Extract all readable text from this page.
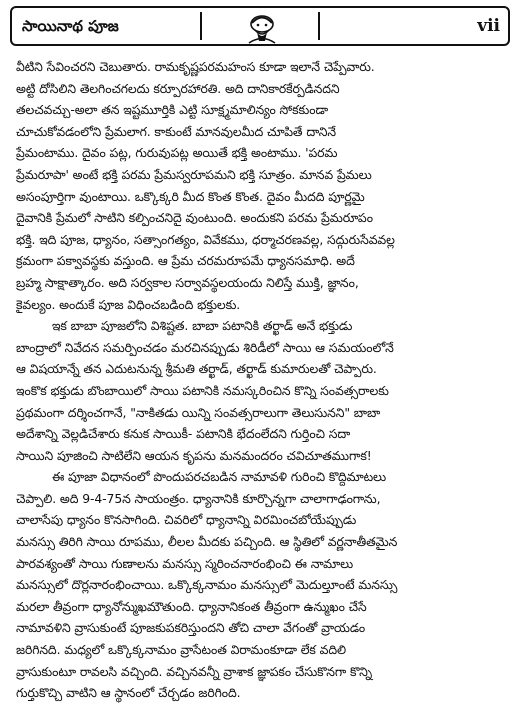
సాయినాథ పూజ	vii
వీటిని సేవించరని చెబుతారు. రామకృష్ణపరమహంస కూడా ఇలానే చెప్పేవారు.
అట్టి దోసిలిని తెలగించగలదు కర్పూరహారతి. అది దానికారకేర్పడినదని
తలచవచ్చు-అలా తన ఇష్టమూర్తికి ఎట్టి సూక్ష్మమాలిన్యం సోకకుండా
చూచుకోవడంలోని ప్రేమలాగ. కాకుంటే మానవులమీద చూపితే దానినే
ప్రేమంటాము. దైవం పట్ల, గురువుపట్ల అయితే భక్తి అంటాము. 'పరమ
ప్రేమరూపా' అంటే భక్తి పరమ ప్రేమస్వరూపమని భక్తి సూత్రం. మానవ ప్రేమలు
అసంపూర్తిగా వుంటాయి. ఒక్కొక్కరి మీద కొంత కొంత. దైవం మీదది పూర్ణమై
దైవానికి ప్రేమలో సాటిని కల్పించనిదై వుంటుంది. అందుకని పరమ ప్రేమరూపం
భక్తి. ఇది పూజ, ధ్యానం, సత్సాంగత్యం, వివేకము, ధర్మాచరణవల్ల, సద్గురుసేవవల్ల
క్రమంగా పక్వావస్థకు వస్తుంది. ఆ ప్రేమ చరమరూపమే ధ్యానసమాధి. అదే
బ్రహ్మ సాక్షాత్కారం. అది సర్వకాల సర్వావస్థలయందు నిలిస్తే ముక్తి, జ్ఞానం,
కైవల్యం. అందుకే పూజ విధించబడింది భక్తులకు.
ఇక బాబా పూజలోని విశిష్టత. బాబా పటానికి తర్ఖాడ్ అనే భక్తుడు
బాంద్రాలో నివేదన సమర్పించడం మరచినప్పుడు శిరిడీలో సాయి ఆ సమయంలోనే
ఆ విషయాన్నే తన ఎదుటనున్న శ్రీమతి తర్ఖాడ్, తర్ఖాడ్ కుమారులతో చెప్పారు.
ఇంకొక భక్తుడు బొంబాయిలో సాయి పటానికి నమస్కరించిన కొన్ని సంవత్సరాలకు
ప్రథమంగా దర్శించగానే, "నాకితడు యిన్ని సంవత్సరాలుగా తెలుసునని" బాబా
అదేశాన్ని వెల్లడిచేశారు కనుక సాయికీ- పటానికి భేదంలేదని గుర్తించి సదా
సాయిని పూజించి సాటిలేని ఆయన కృపను మనమందరం చవిచూతముగాక!
ఈ పూజా విధానంలో పొందుపరచబడిన నామావళి గురించి కొద్దిమాటలు
చెప్పాలి. అది 9-4-75న సాయంత్రం. ధ్యానానికి కూర్చొన్నగా చాలాగాఢంగాను,
చాలాసేపు ధ్యానం కొనసాగింది. చివరిలో ధ్యానాన్ని విరమించబోయేప్పుడు
మనస్సు తిరిగి సాయి రూపము, లీలల మీదకు పచ్చింది. ఆ స్థితిలో వర్ణనాతీతమైన
పారవశ్యంతో సాయి గుణాలను మనస్సు స్మరించనారంభించి ఈ నామాలు
మనస్సులో దొర్లనారంభించాయి. ఒక్కొక్కనామం మనస్సులో మెదుల్తూంటే మనస్సు
మరలా తీవ్రంగా ధ్యానోన్ముఖమౌతుంది. ధ్యానానికంత తీవ్రంగా ఉన్ముఖం చేసే
నామావళిని వ్రాసుకుంటే పూజకుపకరిస్తుందని తోచి చాలా వేగంతో వ్రాయడం
జరిగినది. మధ్యలో ఒక్కొక్కనామం వ్రాసేటంత విరామంకూడా లేక వదిలి
వ్రాసుకుంటూ రావలసి వచ్చింది. వచ్చినవన్నీ వ్రాశాక జ్ఞాపకం చేసుకొనగా కొన్ని
గుర్తుకొచ్చి వాటిని ఆ స్థానంలో చేర్చడం జరిగింది.
